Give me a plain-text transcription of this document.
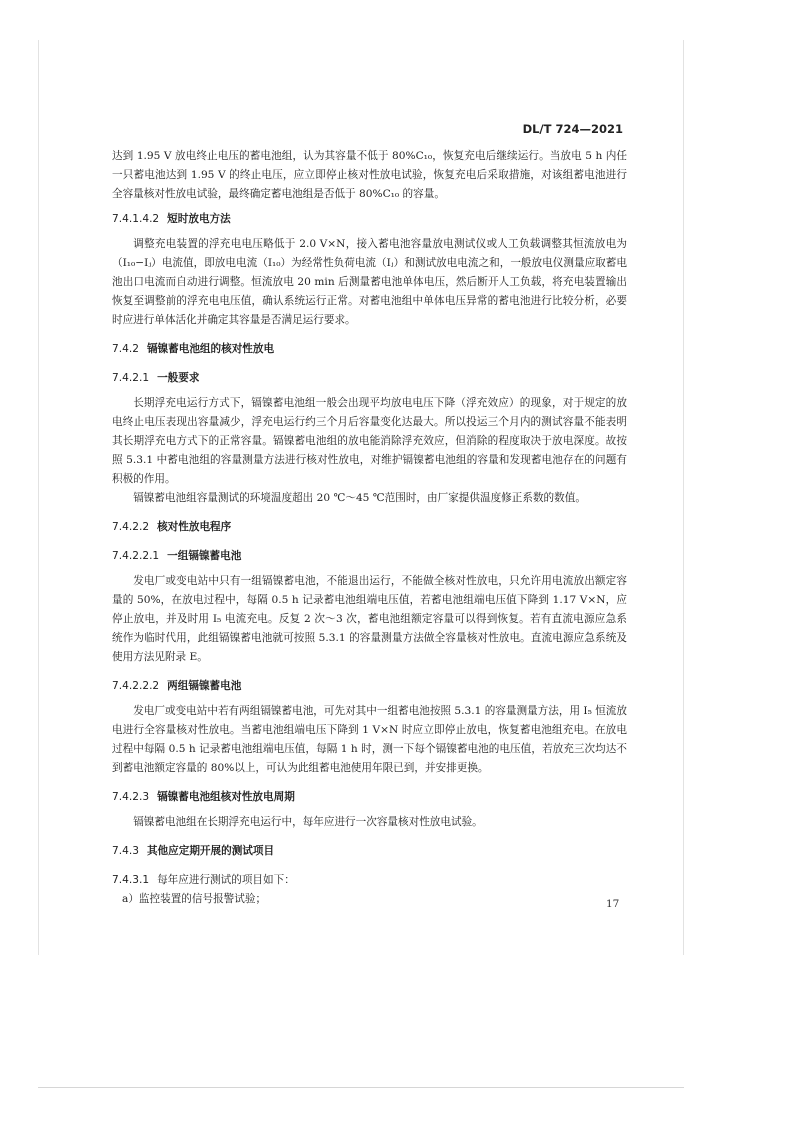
DL/T 724—2021

达到 1.95 V 放电终止电压的蓄电池组，认为其容量不低于 80%C₁₀，恢复充电后继续运行。当放电 5 h 内任一只蓄电池达到 1.95 V 的终止电压，应立即停止核对性放电试验，恢复充电后采取措施，对该组蓄电池进行全容量核对性放电试验，最终确定蓄电池组是否低于 80%C₁₀ 的容量。

7.4.1.4.2 短时放电方法

调整充电装置的浮充电电压略低于 2.0 V×N，接入蓄电池容量放电测试仪或人工负载调整其恒流放电为（I₁₀−Iⱼ）电流值，即放电电流（I₁₀）为经常性负荷电流（Iⱼ）和测试放电电流之和，一般放电仪测量应取蓄电池出口电流而自动进行调整。恒流放电 20 min 后测量蓄电池单体电压，然后断开人工负载，将充电装置输出恢复至调整前的浮充电电压值，确认系统运行正常。对蓄电池组中单体电压异常的蓄电池进行比较分析，必要时应进行单体活化并确定其容量是否满足运行要求。

7.4.2 镉镍蓄电池组的核对性放电
7.4.2.1 一般要求

长期浮充电运行方式下，镉镍蓄电池组一般会出现平均放电电压下降（浮充效应）的现象，对于规定的放电终止电压表现出容量减少，浮充电运行约三个月后容量变化达最大。所以投运三个月内的测试容量不能表明其长期浮充电方式下的正常容量。镉镍蓄电池组的放电能消除浮充效应，但消除的程度取决于放电深度。故按照 5.3.1 中蓄电池组的容量测量方法进行核对性放电，对维护镉镍蓄电池组的容量和发现蓄电池存在的问题有积极的作用。

镉镍蓄电池组容量测试的环境温度超出 20 ℃～45 ℃范围时，由厂家提供温度修正系数的数值。

7.4.2.2 核对性放电程序
7.4.2.2.1 一组镉镍蓄电池

发电厂或变电站中只有一组镉镍蓄电池，不能退出运行，不能做全核对性放电，只允许用电流放出额定容量的 50%，在放电过程中，每隔 0.5 h 记录蓄电池组端电压值，若蓄电池组端电压值下降到 1.17 V×N，应停止放电，并及时用 I₅ 电流充电。反复 2 次～3 次，蓄电池组额定容量可以得到恢复。若有直流电源应急系统作为临时代用，此组镉镍蓄电池就可按照 5.3.1 的容量测量方法做全容量核对性放电。直流电源应急系统及使用方法见附录 E。

7.4.2.2.2 两组镉镍蓄电池

发电厂或变电站中若有两组镉镍蓄电池，可先对其中一组蓄电池按照 5.3.1 的容量测量方法，用 I₅ 恒流放电进行全容量核对性放电。当蓄电池组端电压下降到 1 V×N 时应立即停止放电，恢复蓄电池组充电。在放电过程中每隔 0.5 h 记录蓄电池组端电压值，每隔 1 h 时，测一下每个镉镍蓄电池的电压值，若放充三次均达不到蓄电池额定容量的 80%以上，可认为此组蓄电池使用年限已到，并安排更换。

7.4.2.3 镉镍蓄电池组核对性放电周期

镉镍蓄电池组在长期浮充电运行中，每年应进行一次容量核对性放电试验。

7.4.3 其他应定期开展的测试项目

7.4.3.1 每年应进行测试的项目如下：

a）监控装置的信号报警试验；	17
